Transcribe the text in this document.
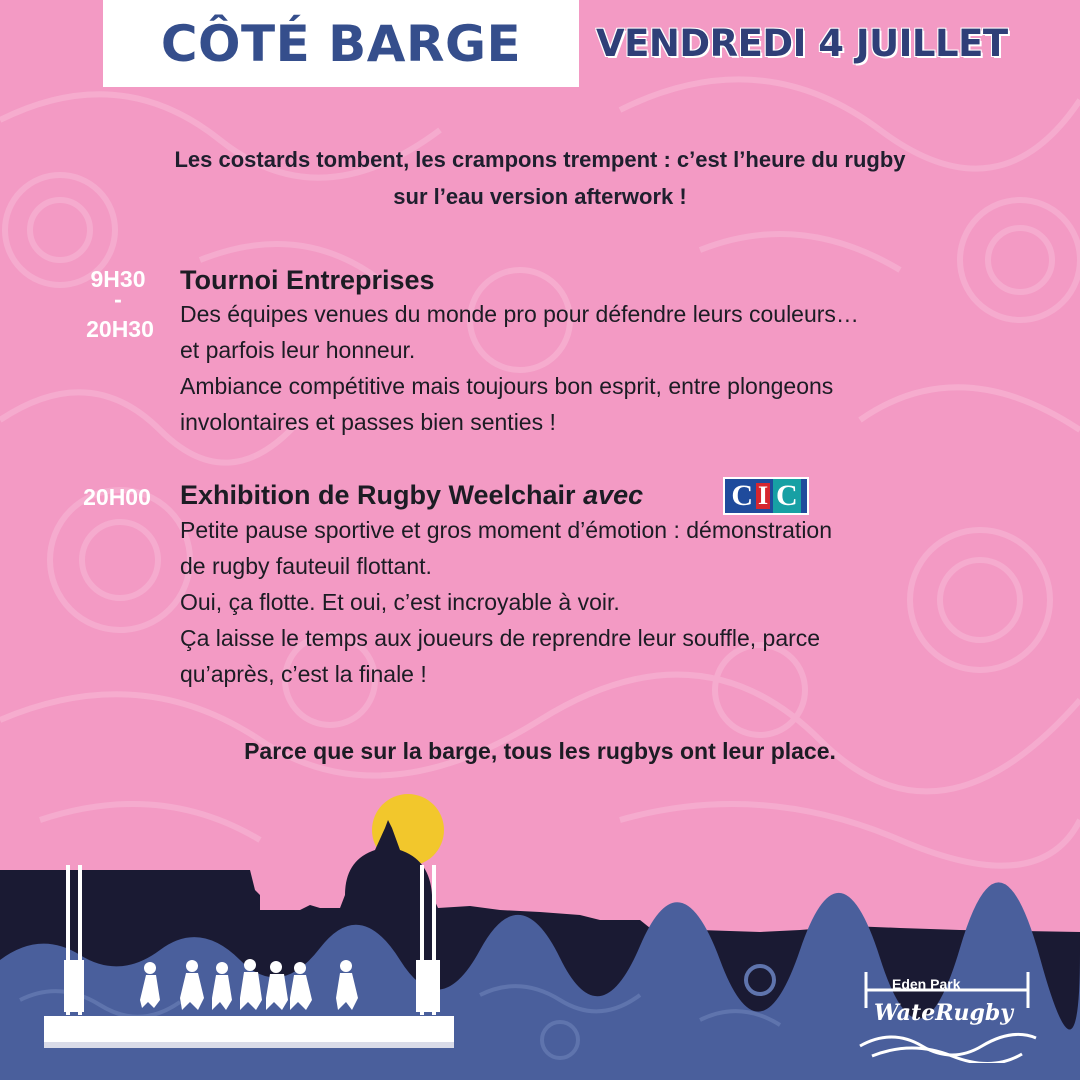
CÔTÉ BARGE VENDREDI 4 JUILLET
Les costards tombent, les crampons trempent : c’est l’heure du rugby
sur l’eau version afterwork !
9H30
-
20H30
Tournoi Entreprises
Des équipes venues du monde pro pour défendre leurs couleurs…
et parfois leur honneur.
Ambiance compétitive mais toujours bon esprit, entre plongeons
involontaires et passes bien senties !
20H00	Exhibition de Rugby Weelchair avec	C I C
Petite pause sportive et gros moment d’émotion : démonstration
de rugby fauteuil flottant.
Oui, ça flotte. Et oui, c’est incroyable à voir.
Ça laisse le temps aux joueurs de reprendre leur souffle, parce
qu’après, c’est la finale !
Parce que sur la barge, tous les rugbys ont leur place.
Eden Park
WateRugby
